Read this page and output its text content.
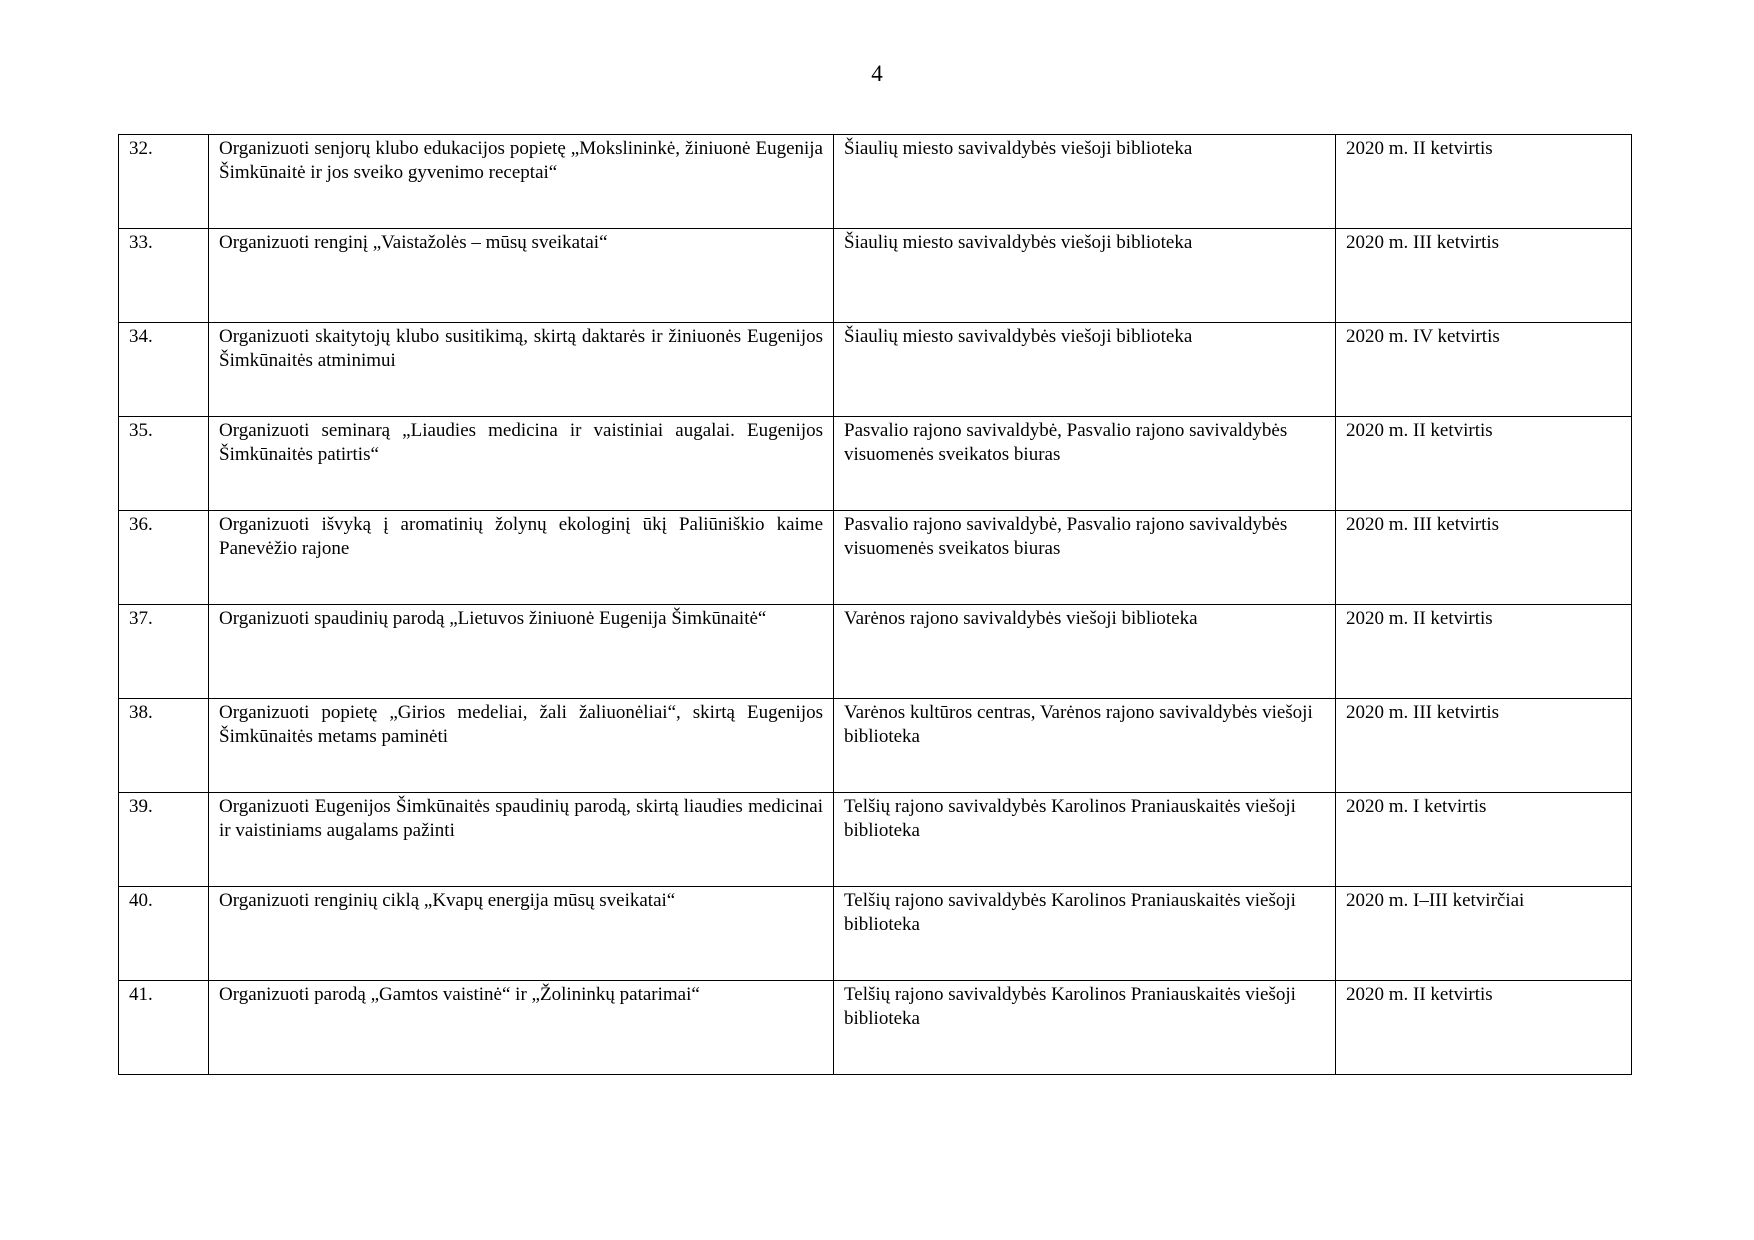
4
32.	Organizuoti senjorų klubo edukacijos popietę „Mokslininkė, žiniuonė Eugenija Šimkūnaitė ir jos sveiko gyvenimo receptai“	Šiaulių miesto savivaldybės viešoji biblioteka	2020 m. II ketvirtis
33.	Organizuoti renginį „Vaistažolės – mūsų sveikatai“	Šiaulių miesto savivaldybės viešoji biblioteka	2020 m. III ketvirtis
34.	Organizuoti skaitytojų klubo susitikimą, skirtą daktarės ir žiniuonės Eugenijos Šimkūnaitės atminimui	Šiaulių miesto savivaldybės viešoji biblioteka	2020 m. IV ketvirtis
35.	Organizuoti seminarą „Liaudies medicina ir vaistiniai augalai. Eugenijos Šimkūnaitės patirtis“	Pasvalio rajono savivaldybė, Pasvalio rajono savivaldybės visuomenės sveikatos biuras	2020 m. II ketvirtis
36.	Organizuoti išvyką į aromatinių žolynų ekologinį ūkį Paliūniškio kaime Panevėžio rajone	Pasvalio rajono savivaldybė, Pasvalio rajono savivaldybės visuomenės sveikatos biuras	2020 m. III ketvirtis
37.	Organizuoti spaudinių parodą „Lietuvos žiniuonė Eugenija Šimkūnaitė“	Varėnos rajono savivaldybės viešoji biblioteka	2020 m. II ketvirtis
38.	Organizuoti popietę „Girios medeliai, žali žaliuonėliai“, skirtą Eugenijos Šimkūnaitės metams paminėti	Varėnos kultūros centras, Varėnos rajono savivaldybės viešoji biblioteka	2020 m. III ketvirtis
39.	Organizuoti Eugenijos Šimkūnaitės spaudinių parodą, skirtą liaudies medicinai ir vaistiniams augalams pažinti	Telšių rajono savivaldybės Karolinos Praniauskaitės viešoji biblioteka	2020 m. I ketvirtis
40.	Organizuoti renginių ciklą „Kvapų energija mūsų sveikatai“	Telšių rajono savivaldybės Karolinos Praniauskaitės viešoji biblioteka	2020 m. I–III ketvirčiai
41.	Organizuoti parodą „Gamtos vaistinė“ ir „Žolininkų patarimai“	Telšių rajono savivaldybės Karolinos Praniauskaitės viešoji biblioteka	2020 m. II ketvirtis
